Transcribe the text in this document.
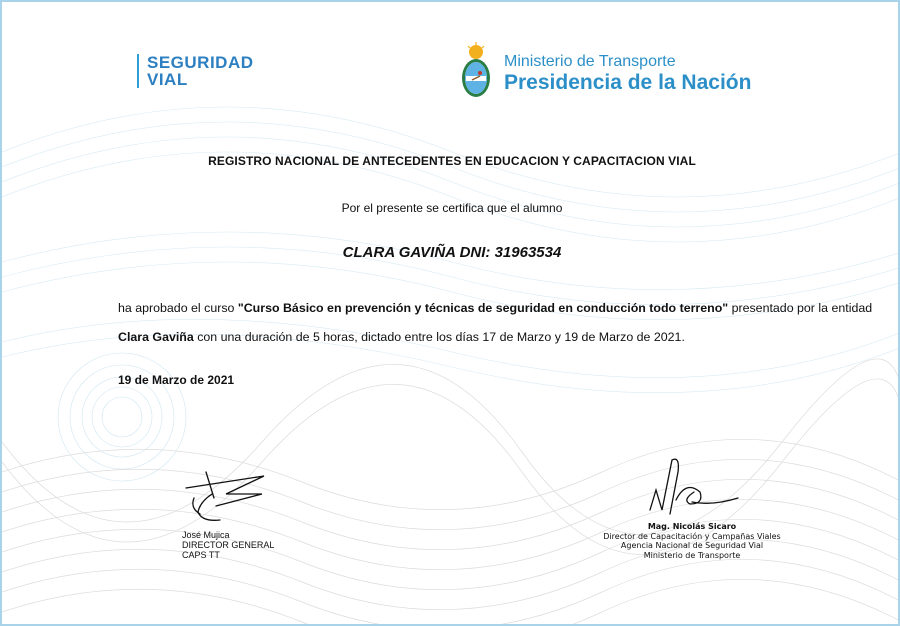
SEGURIDAD
VIAL
Ministerio de Transporte
Presidencia de la Nación
REGISTRO NACIONAL DE ANTECEDENTES EN EDUCACION Y CAPACITACION VIAL
Por el presente se certifica que el alumno
CLARA GAVIÑA DNI: 31963534
ha aprobado el curso "Curso Básico en prevención y técnicas de seguridad en conducción todo terreno" presentado por la entidad Clara Gaviña con una duración de 5 horas, dictado entre los días 17 de Marzo y 19 de Marzo de 2021.
19 de Marzo de 2021
José Mujica
DIRECTOR GENERAL
CAPS TT
Mag. Nicolás Sicaro
Director de Capacitación y Campañas Viales
Agencia Nacional de Seguridad Vial
Ministerio de Transporte
